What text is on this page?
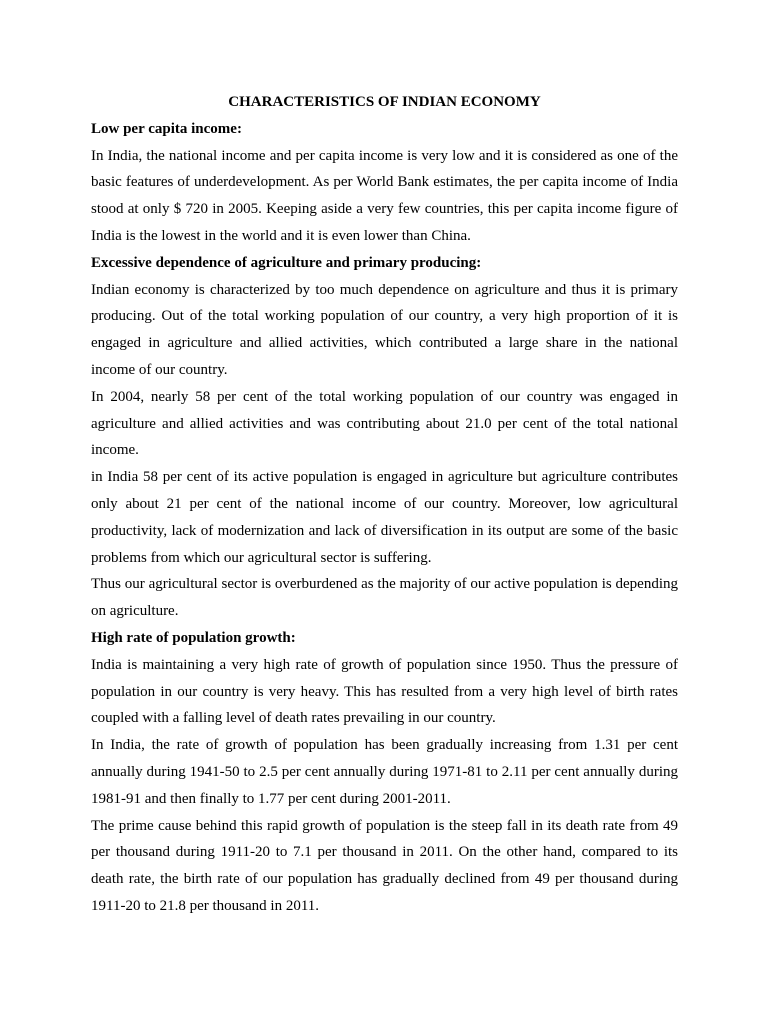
CHARACTERISTICS OF INDIAN ECONOMY

Low per capita income:

In India, the national income and per capita income is very low and it is considered as one of the basic features of underdevelopment. As per World Bank estimates, the per capita income of India stood at only $ 720 in 2005. Keeping aside a very few countries, this per capita income figure of India is the lowest in the world and it is even lower than China.

Excessive dependence of agriculture and primary producing:

Indian economy is characterized by too much dependence on agriculture and thus it is primary producing. Out of the total working population of our country, a very high proportion of it is engaged in agriculture and allied activities, which contributed a large share in the national income of our country.

In 2004, nearly 58 per cent of the total working population of our country was engaged in agriculture and allied activities and was contributing about 21.0 per cent of the total national income.

in India 58 per cent of its active population is engaged in agriculture but agriculture contributes only about 21 per cent of the national income of our country. Moreover, low agricultural productivity, lack of modernization and lack of diversification in its output are some of the basic problems from which our agricultural sector is suffering.

Thus our agricultural sector is overburdened as the majority of our active population is depending on agriculture.

High rate of population growth:

India is maintaining a very high rate of growth of population since 1950. Thus the pressure of population in our country is very heavy. This has resulted from a very high level of birth rates coupled with a falling level of death rates prevailing in our country.

In India, the rate of growth of population has been gradually increasing from 1.31 per cent annually during 1941-50 to 2.5 per cent annually during 1971-81 to 2.11 per cent annually during 1981-91 and then finally to 1.77 per cent during 2001-2011.

The prime cause behind this rapid growth of population is the steep fall in its death rate from 49 per thousand during 1911-20 to 7.1 per thousand in 2011. On the other hand, compared to its death rate, the birth rate of our population has gradually declined from 49 per thousand during 1911-20 to 21.8 per thousand in 2011.
